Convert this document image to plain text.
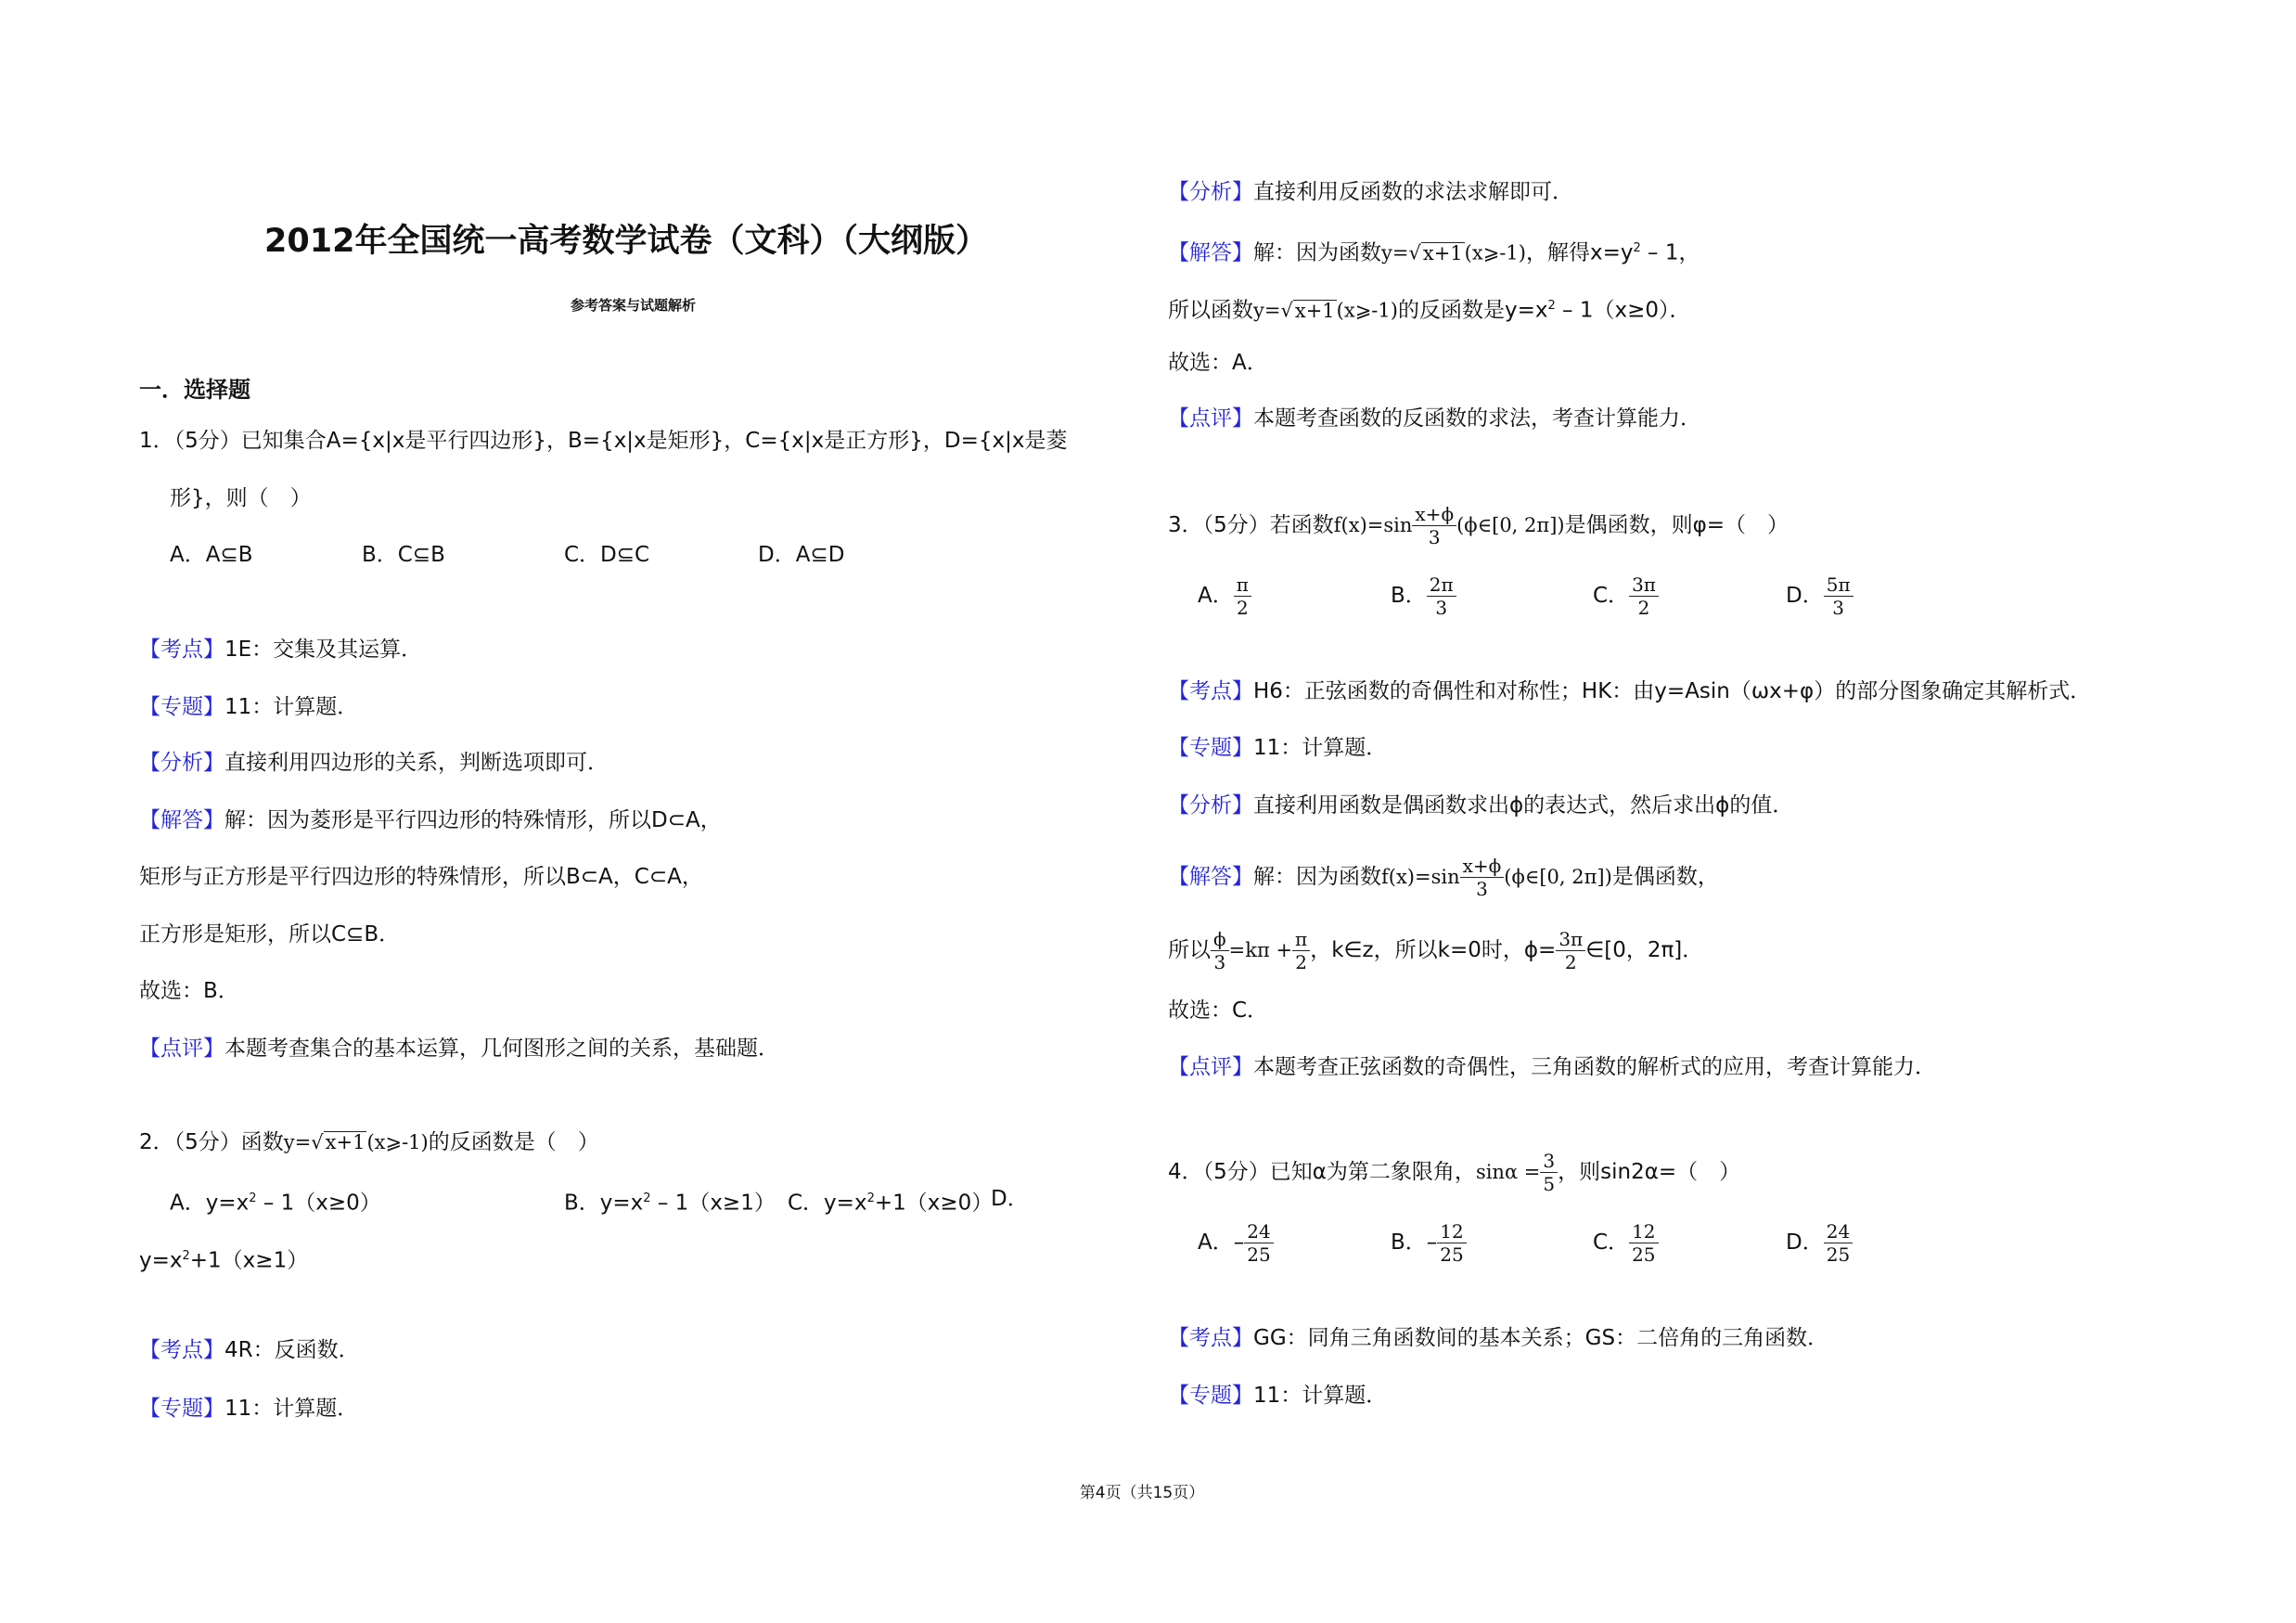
2012年全国统一高考数学试卷（文科）（大纲版）
参考答案与试题解析
一．选择题
1．（5分）已知集合A={x|x是平行四边形}，B={x|x是矩形}，C={x|x是正方形}，D={x|x是菱
形}，则（　）
A．A⊆B	B．C⊆B	C．D⊆C	D．A⊆D
【考点】1E：交集及其运算．
【专题】11：计算题．
【分析】直接利用四边形的关系，判断选项即可．
【解答】解：因为菱形是平行四边形的特殊情形，所以D⊂A，
矩形与正方形是平行四边形的特殊情形，所以B⊂A，C⊂A，
正方形是矩形，所以C⊆B．
故选：B．
【点评】本题考查集合的基本运算，几何图形之间的关系，基础题．
2．（5分）函数y=√x+1(x⩾-1)的反函数是（　）
A．$y=x^2 - 1(x\ge 0)$	B．$y=x^2 - 1(x\ge 1)$ C．$y=x^2+1(x\ge 0)$
D．
$y=x^2+1(x\ge 1)$
【考点】4R：反函数．
【专题】11：计算题．
【分析】直接利用反函数的求法求解即可．
【解答】解：因为函数y=√x+1(x⩾-1)，解得$x=y^2 - 1$，
所以函数y=√x+1(x⩾-1)的反函数是$y=x^2 - 1(x\ge 0)$．
故选：A．
【点评】本题考查函数的反函数的求法，考查计算能力．
3．（5分）若函数$f(x)=\sin \frac{x+\phi}{3}$ (ϕ∈[0, 2π])是偶函数，则φ=（　）
A． $\frac{\pi}{2}$	B． $\frac{2\pi}{3}$	C． $\frac{3\pi}{2}$	D． $\frac{5\pi}{3}$
【考点】H6：正弦函数的奇偶性和对称性；HK：由y=Asin（ωx+φ）的部分图象确定其解析式．
【专题】11：计算题．
【分析】直接利用函数是偶函数求出ϕ的表达式，然后求出ϕ的值．
【解答】解：因为函数$f(x)=\sin \frac{x+\phi}{3}$ (ϕ∈[0, 2π])是偶函数，
所以 $\frac{\phi}{3} =k\pi + \frac{\pi}{2}$ ，k∈z，所以k=0时，$\phi= \frac{3\pi}{2}$ ∈[0，2π]．
故选：C．
【点评】本题考查正弦函数的奇偶性，三角函数的解析式的应用，考查计算能力．
4．（5分）已知α为第二象限角，$\sin\alpha = \frac{3}{5}$ ，则sin2α=（　）
A．– $\frac{24}{25}$	B．– $\frac{12}{25}$	C． $\frac{12}{25}$	D． $\frac{24}{25}$
【考点】GG：同角三角函数间的基本关系；GS：二倍角的三角函数．
【专题】11：计算题．
第4页（共15页）
